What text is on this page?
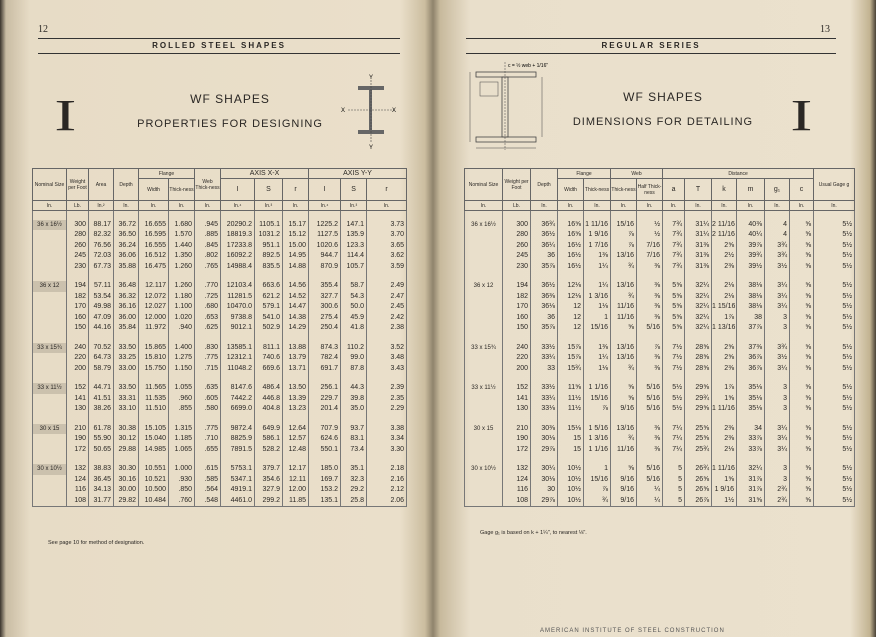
12
ROLLED STEEL SHAPES
I	WF SHAPES
PROPERTIES FOR DESIGNING
Y
Y
X	X
Nominal Size	Weight per Foot	Area	Depth	Flange		Web Thick-ness	AXIS X-X			AXIS Y-Y		
				Width	Thick-ness		I	S	r	I	S	r
In.	Lb.	In.²	In.	In.	In.	In.	In.⁴	In.³	In.	In.⁴	In.³	In.

36 x 16½	300	88.17	36.72	16.655	1.680	.945	20290.2	1105.1	15.17	1225.2	147.1	3.73
	280	82.32	36.50	16.595	1.570	.885	18819.3	1031.2	15.12	1127.5	135.9	3.70
	260	76.56	36.24	16.555	1.440	.845	17233.8	951.1	15.00	1020.6	123.3	3.65
	245	72.03	36.06	16.512	1.350	.802	16092.2	892.5	14.95	944.7	114.4	3.62
	230	67.73	35.88	16.475	1.260	.765	14988.4	835.5	14.88	870.9	105.7	3.59

36 x 12	194	57.11	36.48	12.117	1.260	.770	12103.4	663.6	14.56	355.4	58.7	2.49
	182	53.54	36.32	12.072	1.180	.725	11281.5	621.2	14.52	327.7	54.3	2.47
	170	49.98	36.16	12.027	1.100	.680	10470.0	579.1	14.47	300.6	50.0	2.45
	160	47.09	36.00	12.000	1.020	.653	9738.8	541.0	14.38	275.4	45.9	2.42
	150	44.16	35.84	11.972	.940	.625	9012.1	502.9	14.29	250.4	41.8	2.38

33 x 15¾	240	70.52	33.50	15.865	1.400	.830	13585.1	811.1	13.88	874.3	110.2	3.52
	220	64.73	33.25	15.810	1.275	.775	12312.1	740.6	13.79	782.4	99.0	3.48
	200	58.79	33.00	15.750	1.150	.715	11048.2	669.6	13.71	691.7	87.8	3.43

33 x 11½	152	44.71	33.50	11.565	1.055	.635	8147.6	486.4	13.50	256.1	44.3	2.39
	141	41.51	33.31	11.535	.960	.605	7442.2	446.8	13.39	229.7	39.8	2.35
	130	38.26	33.10	11.510	.855	.580	6699.0	404.8	13.23	201.4	35.0	2.29

30 x 15	210	61.78	30.38	15.105	1.315	.775	9872.4	649.9	12.64	707.9	93.7	3.38
	190	55.90	30.12	15.040	1.185	.710	8825.9	586.1	12.57	624.6	83.1	3.34
	172	50.65	29.88	14.985	1.065	.655	7891.5	528.2	12.48	550.1	73.4	3.30

30 x 10½	132	38.83	30.30	10.551	1.000	.615	5753.1	379.7	12.17	185.0	35.1	2.18
	124	36.45	30.16	10.521	.930	.585	5347.1	354.6	12.11	169.7	32.3	2.16
	116	34.13	30.00	10.500	.850	.564	4919.1	327.9	12.00	153.2	29.2	2.12
	108	31.77	29.82	10.484	.760	.548	4461.0	299.2	11.85	135.1	25.8	2.06
See page 10 for method of designation.
13
REGULAR SERIES
c = ½ web + 1/16"
WF SHAPES
DIMENSIONS FOR DETAILING I
Nominal Size	Weight per Foot	Depth	Flange		Web		Distance						Usual Gage g
			Width	Thick-ness	Thick-ness	Half Thick-ness	a	T	k	m	g₁	c	
In.	Lb.	In.	In.	In.	In.	In.	In.	In.	In.	In.	In.	In.	In.

36 x 16½	300	36¾	16⅝	1 11/16	15/16	½	7¾	31¼	2 11/16	40⅜	4	⅝	5½
	280	36½	16⅝	1 9/16	⅞	½	7¾	31¼	2 11/16	40¼	4	⅝	5½
	260	36¼	16½	1 7/16	⅞	7/16	7¾	31⅜	2⅝	39⅞	3¾	⅝	5½
	245	36	16½	1⅜	13/16	7/16	7¾	31⅜	2½	39¾	3¾	⅝	5½
	230	35⅞	16½	1¼	¾	⅜	7¾	31⅜	2⅜	39½	3½	⅝	5½

36 x 12	194	36½	12⅛	1¼	13/16	⅜	5⅝	32¼	2⅛	38⅛	3¼	⅝	5½
	182	36⅜	12⅛	1 3/16	¾	⅜	5⅝	32¼	2⅛	38⅛	3¼	⅝	5½
	170	36⅛	12	1⅛	11/16	⅜	5⅝	32¼	1 15/16	38⅛	3¼	⅝	5½
	160	36	12	1	11/16	⅜	5⅝	32¼	1⅞	38	3	⅝	5½
	150	35⅞	12	15/16	⅝	5/16	5⅝	32¼	1 13/16	37⅞	3	⅝	5½

33 x 15¾	240	33½	15⅞	1⅜	13/16	⅞	7½	28⅝	2⅝	37⅜	3¾	⅝	5½
	220	33¼	15⅞	1¼	13/16	⅜	7½	28⅝	2⅝	36⅞	3½	⅝	5½
	200	33	15¾	1⅛	¾	⅜	7½	28⅝	2⅜	36⅞	3¼	⅝	5½

33 x 11½	152	33½	11⅝	1 1/16	⅝	5/16	5½	29⅝	1⅞	35⅛	3	⅝	5½
	141	33¼	11½	15/16	⅝	5/16	5½	29¾	1⅝	35⅛	3	⅝	5½
	130	33⅛	11½	⅞	9/16	5/16	5½	29⅝	1 11/16	35⅛	3	⅝	5½

30 x 15	210	30⅜	15⅛	1 5/16	13/16	⅜	7¼	25⅝	2⅜	34	3¼	⅝	5½
	190	30⅛	15	1 3/16	¾	⅜	7¼	25⅝	2⅜	33⅞	3¼	⅝	5½
	172	29⅞	15	1 1/16	11/16	⅜	7¼	25¾	2⅛	33⅞	3¼	⅝	5½

30 x 10½	132	30¼	10½	1	⅝	5/16	5	26¾	1 11/16	32¼	3	⅝	5½
	124	30⅛	10½	15/16	9/16	5/16	5	26⅝	1⅝	31⅞	3	⅝	5½
	116	30	10½	⅞	9/16	¼	5	26⅝	1 9/16	31⅞	2¾	⅝	5½
	108	29⅞	10½	¾	9/16	¼	5	26⅞	1½	31⅝	2¾	⅝	5½
Gage g₁ is based on k + 1¼", to nearest ⅛".
AMERICAN INSTITUTE OF STEEL CONSTRUCTION
